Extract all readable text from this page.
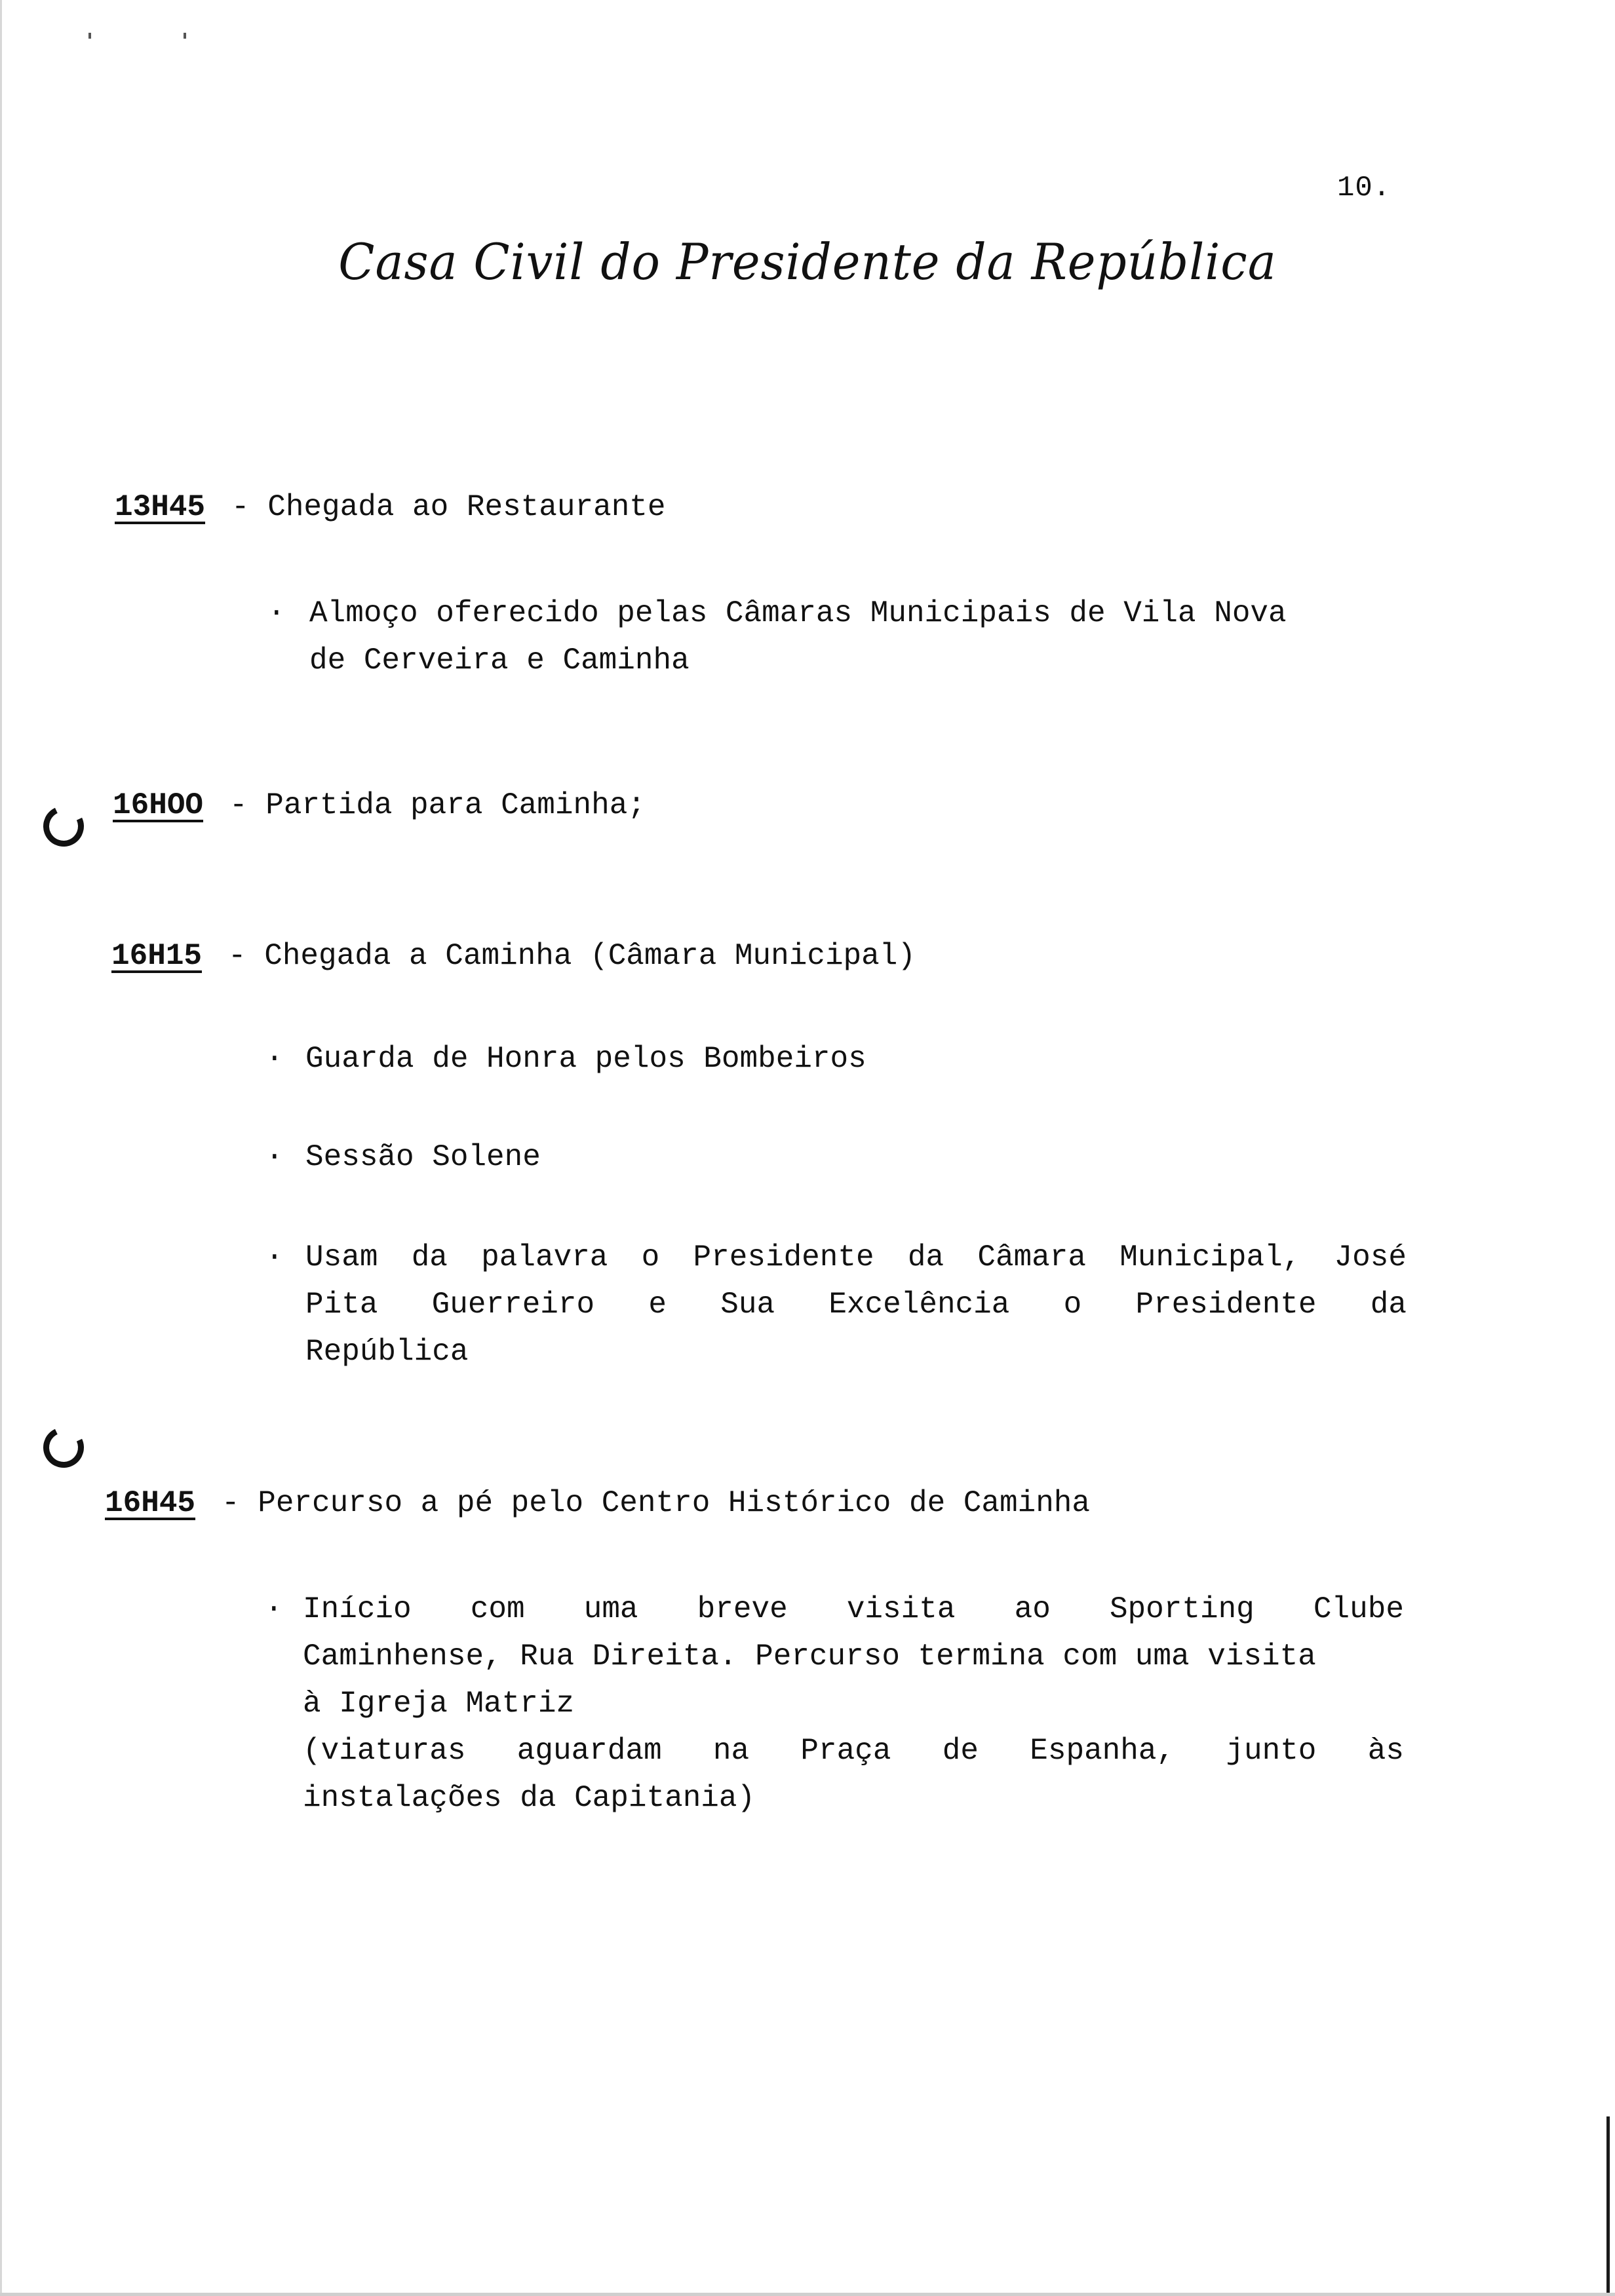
10.
Casa Civil do Presidente da República
13H45 - Chegada ao Restaurante
. Almoço oferecido pelas Câmaras Municipais de Vila Nova
de Cerveira e Caminha
16HOO - Partida para Caminha;
16H15 - Chegada a Caminha (Câmara Municipal)
. Guarda de Honra pelos Bombeiros
. Sessão Solene
. Usam da palavra o Presidente da Câmara Municipal, José
Pita Guerreiro e Sua Excelência o Presidente da
República
16H45 - Percurso a pé pelo Centro Histórico de Caminha
. Início com uma breve visita ao Sporting Clube
Caminhense, Rua Direita. Percurso termina com uma visita
à Igreja Matriz
(viaturas aguardam na Praça de Espanha, junto às
instalações da Capitania)
